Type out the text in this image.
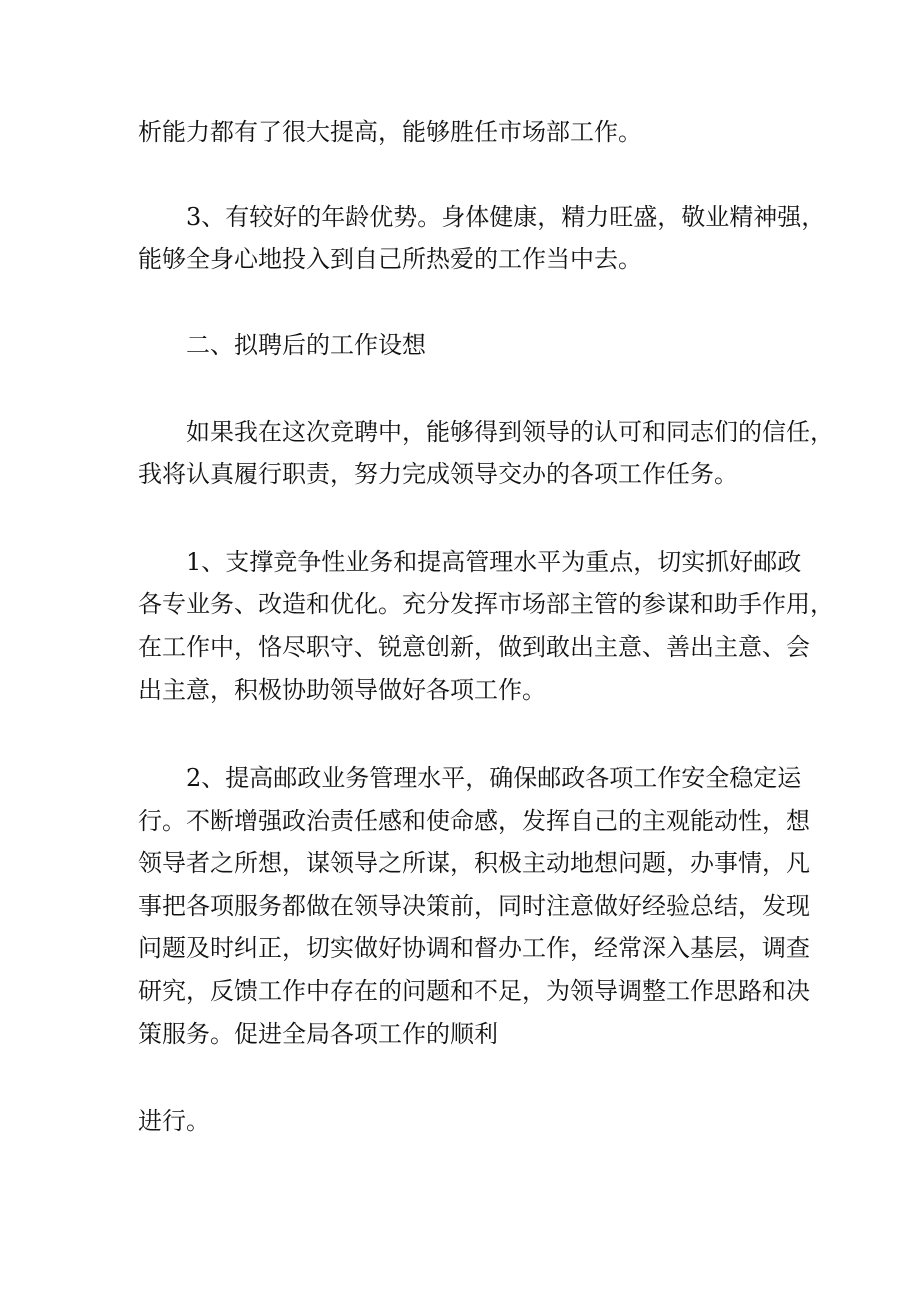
析能力都有了很大提高，能够胜任市场部工作。
3、有较好的年龄优势。身体健康，精力旺盛，敬业精神强，
能够全身心地投入到自己所热爱的工作当中去。
二、拟聘后的工作设想
如果我在这次竞聘中，能够得到领导的认可和同志们的信任，
我将认真履行职责，努力完成领导交办的各项工作任务。
1、支撑竞争性业务和提高管理水平为重点，切实抓好邮政
各专业务、改造和优化。充分发挥市场部主管的参谋和助手作用，
在工作中，恪尽职守、锐意创新，做到敢出主意、善出主意、会
出主意，积极协助领导做好各项工作。
2、提高邮政业务管理水平，确保邮政各项工作安全稳定运
行。不断增强政治责任感和使命感，发挥自己的主观能动性，想
领导者之所想，谋领导之所谋，积极主动地想问题，办事情，凡
事把各项服务都做在领导决策前，同时注意做好经验总结，发现
问题及时纠正，切实做好协调和督办工作，经常深入基层，调查
研究，反馈工作中存在的问题和不足，为领导调整工作思路和决
策服务。促进全局各项工作的顺利
进行。
